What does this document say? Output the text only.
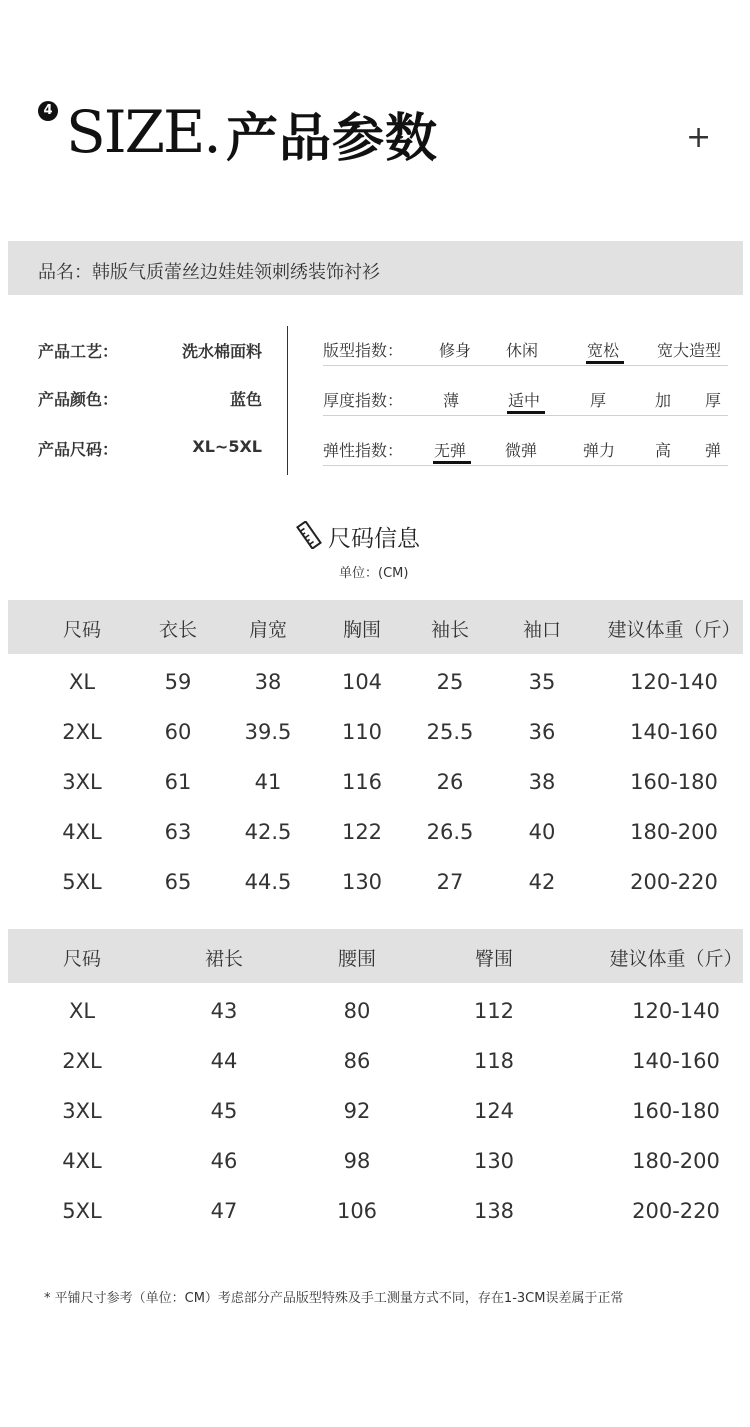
4 SIZE. 产品参数	+
品名：韩版气质蕾丝边娃娃领刺绣装饰衬衫
产品工艺：	洗水棉面料
产品颜色：	蓝色
产品尺码：	XL~5XL
版型指数： 修身 休闲	宽松 宽大造型
厚度指数： 薄	适中	厚	加 厚
弹性指数： 无弹 微弹	弹力 高 弹
尺码信息
单位：(CM)
尺码	衣长	肩宽	胸围	袖长	袖口	建议体重（斤）
XL	59	38	104	25	35	120-140
2XL	60	39.5	110	25.5	36	140-160
3XL	61	41	116	26	38	160-180
4XL	63	42.5	122	26.5	40	180-200
5XL	65	44.5	130	27	42	200-220
尺码	裙长	腰围	臀围	建议体重（斤）
XL	43	80	112	120-140
2XL	44	86	118	140-160
3XL	45	92	124	160-180
4XL	46	98	130	180-200
5XL	47	106	138	200-220
* 平铺尺寸参考（单位：CM）考虑部分产品版型特殊及手工测量方式不同，存在1-3CM误差属于正常
